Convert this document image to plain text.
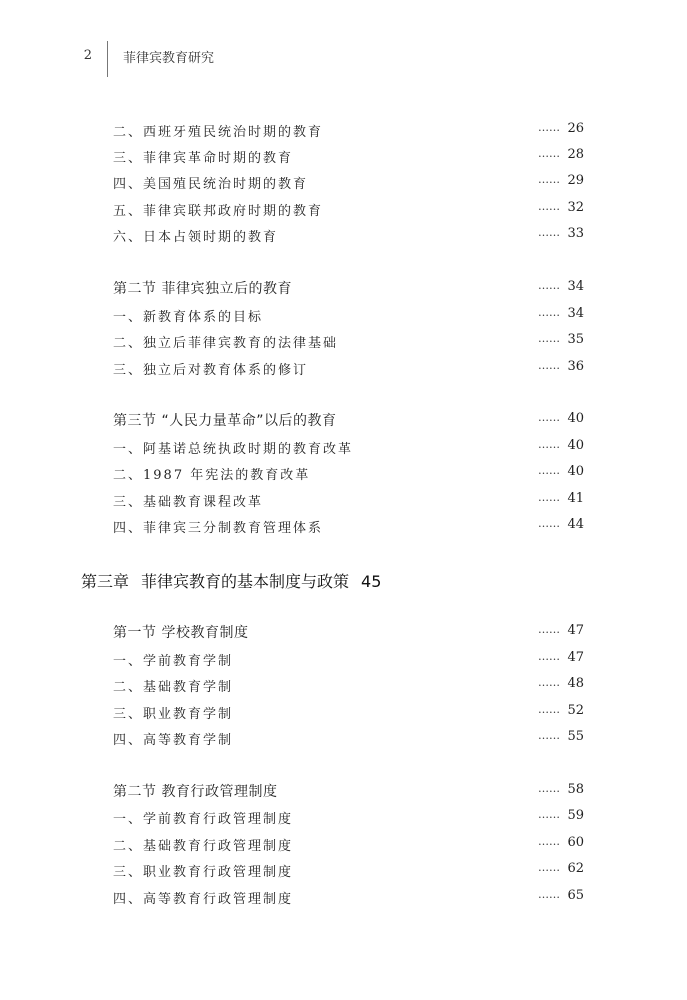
2 菲律宾教育研究
二、西班牙殖民统治时期的教育	…… 26
三、菲律宾革命时期的教育	…… 28
四、美国殖民统治时期的教育	…… 29
五、菲律宾联邦政府时期的教育	…… 32
六、日本占领时期的教育	…… 33
第二节 菲律宾独立后的教育	…… 34
一、新教育体系的目标	…… 34
二、独立后菲律宾教育的法律基础	…… 35
三、独立后对教育体系的修订	…… 36
第三节 “人民力量革命”以后的教育	…… 40
一、阿基诺总统执政时期的教育改革	…… 40
二、1987 年宪法的教育改革	…… 40
三、基础教育课程改革	…… 41
四、菲律宾三分制教育管理体系	…… 44
第三章 菲律宾教育的基本制度与政策 45
第一节 学校教育制度	…… 47
一、学前教育学制	…… 47
二、基础教育学制	…… 48
三、职业教育学制	…… 52
四、高等教育学制	…… 55
第二节 教育行政管理制度	…… 58
一、学前教育行政管理制度	…… 59
二、基础教育行政管理制度	…… 60
三、职业教育行政管理制度	…… 62
四、高等教育行政管理制度	…… 65
